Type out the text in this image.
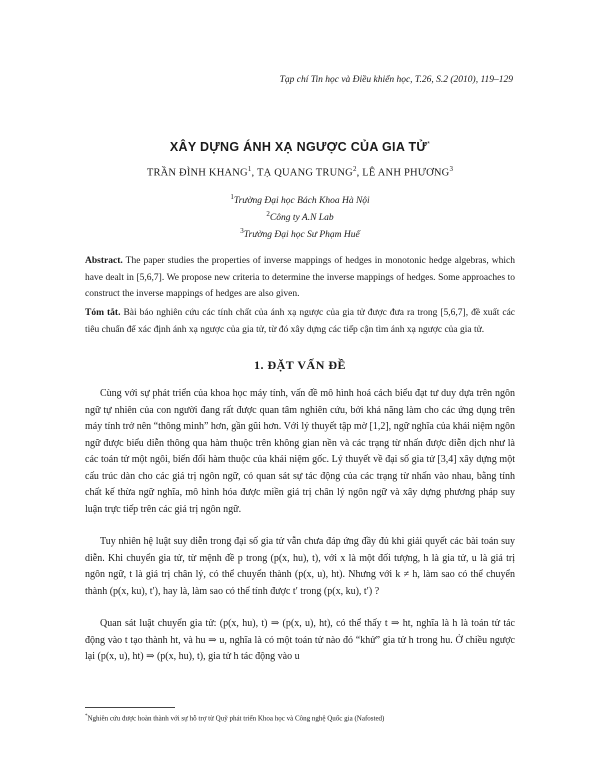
Tạp chí Tin học và Điều khiển học, T.26, S.2 (2010), 119–129
XÂY DỰNG ÁNH XẠ NGƯỢC CỦA GIA TỬ*
TRẦN ĐÌNH KHANG$^1$, TẠ QUANG TRUNG$^2$, LÊ ANH PHƯƠNG$^3$
$^1$Trường Đại học Bách Khoa Hà Nội
$^2$Công ty A.N Lab
$^3$Trường Đại học Sư Phạm Huế
Abstract. The paper studies the properties of inverse mappings of hedges in monotonic hedge algebras, which have dealt in [5,6,7]. We propose new criteria to determine the inverse mappings of hedges. Some approaches to construct the inverse mappings of hedges are also given.
Tóm tắt. Bài báo nghiên cứu các tính chất của ánh xạ ngược của gia tử được đưa ra trong [5,6,7], đề xuất các tiêu chuẩn để xác định ánh xạ ngược của gia tử, từ đó xây dựng các tiếp cận tìm ánh xạ ngược của gia tử.
1. ĐẶT VẤN ĐỀ
Cùng với sự phát triển của khoa học máy tính, vấn đề mô hình hoá cách biểu đạt tư duy dựa trên ngôn ngữ tự nhiên của con người đang rất được quan tâm nghiên cứu, bởi khả năng làm cho các ứng dụng trên máy tính trở nên “thông minh” hơn, gần gũi hơn. Với lý thuyết tập mờ [1,2], ngữ nghĩa của khái niệm ngôn ngữ được biểu diễn thông qua hàm thuộc trên không gian nền và các trạng từ nhấn được diễn dịch như là các toán tử một ngôi, biến đổi hàm thuộc của khái niệm gốc. Lý thuyết về đại số gia tử [3,4] xây dựng một cấu trúc dàn cho các giá trị ngôn ngữ, có quan sát sự tác động của các trạng từ nhấn vào nhau, bằng tính chất kế thừa ngữ nghĩa, mô hình hóa được miền giá trị chân lý ngôn ngữ và xây dựng phương pháp suy luận trực tiếp trên các giá trị ngôn ngữ.
Tuy nhiên hệ luật suy diễn trong đại số gia tử vẫn chưa đáp ứng đầy đủ khi giải quyết các bài toán suy diễn. Khi chuyển gia tử, từ mệnh đề p trong (p(x, hu), t), với x là một đối tượng, h là gia tử, u là giá trị ngôn ngữ, t là giá trị chân lý, có thể chuyển thành (p(x, u), ht). Nhưng với k ≠ h, làm sao có thể chuyển thành (p(x, ku), t′), hay là, làm sao có thể tính được t′ trong (p(x, ku), t′) ?
Quan sát luật chuyển gia tử: (p(x, hu), t) ⇒ (p(x, u), ht), có thể thấy t ⇒ ht, nghĩa là h là toán tử tác động vào t tạo thành ht, và hu ⇒ u, nghĩa là có một toán tử nào đó “khử” gia tử h trong hu. Ở chiều ngược lại (p(x, u), ht) ⇒ (p(x, hu), t), gia tử h tác động vào u
*Nghiên cứu được hoàn thành với sự hỗ trợ từ Quỹ phát triển Khoa học và Công nghệ Quốc gia (Nafosted)
